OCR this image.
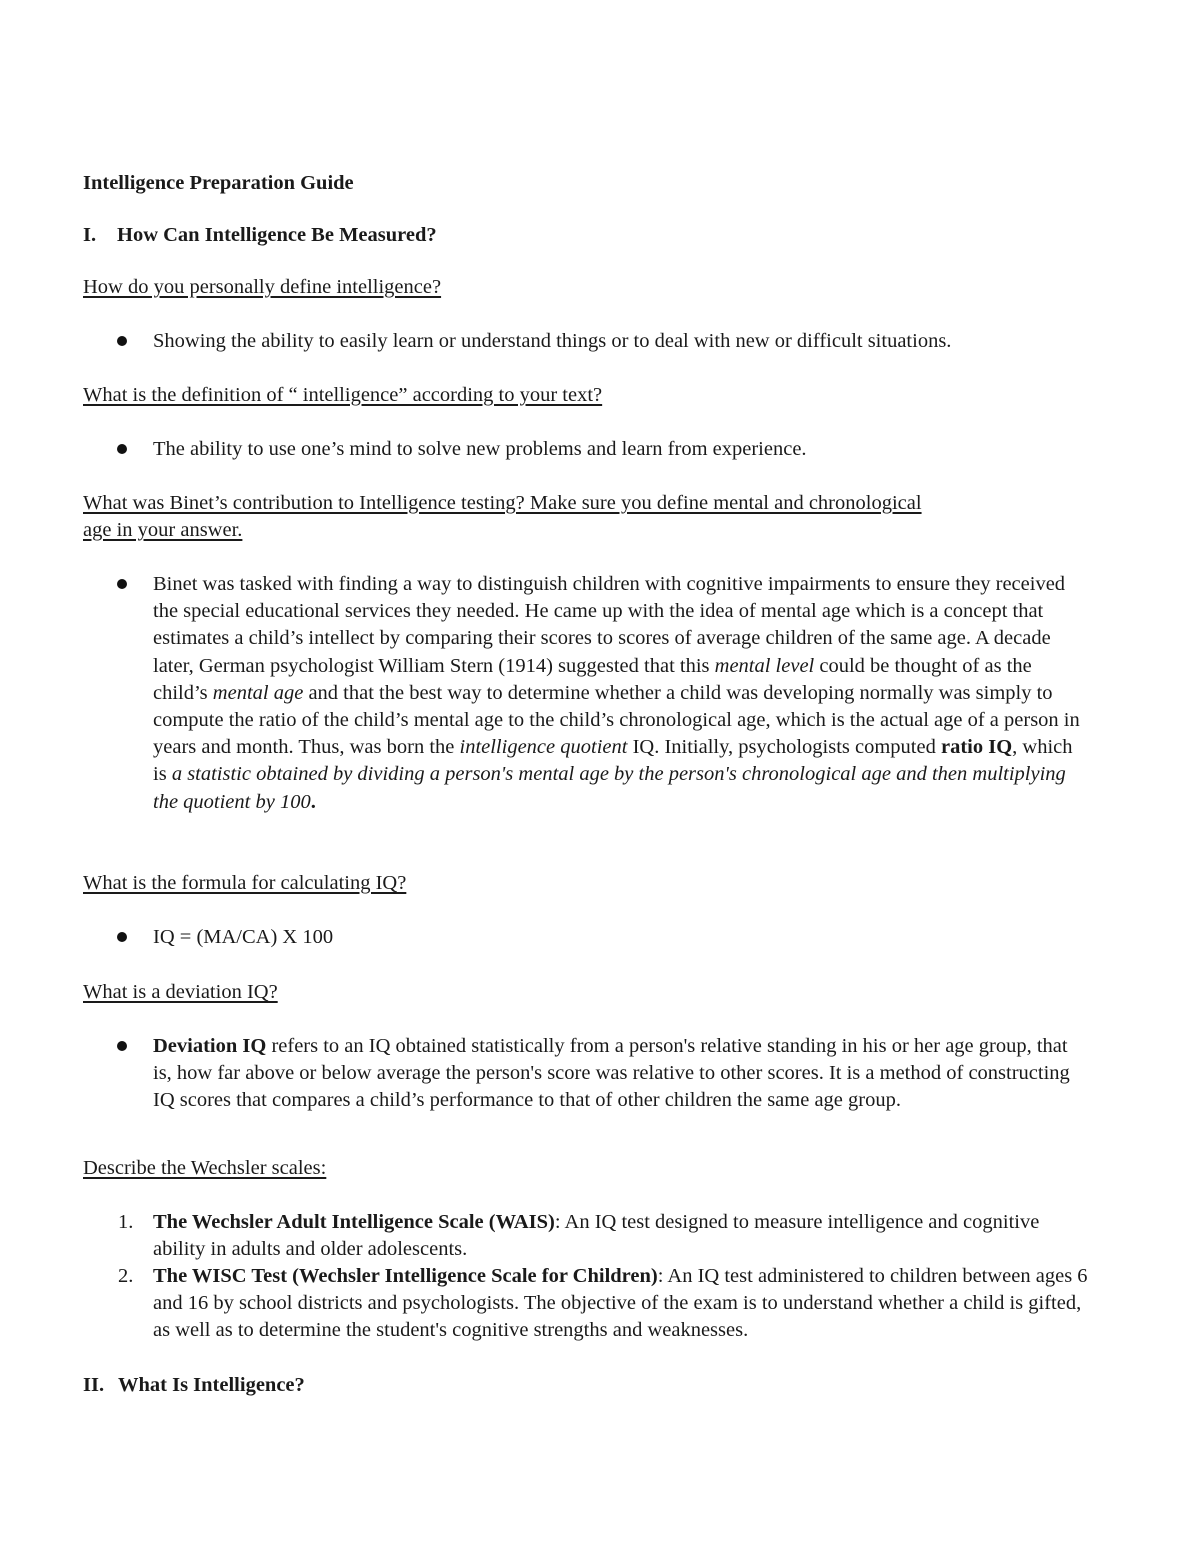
Intelligence Preparation Guide

I. How Can Intelligence Be Measured?

How do you personally define intelligence?

Showing the ability to easily learn or understand things or to deal with new or difficult situations.

What is the definition of “ intelligence” according to your text?

The ability to use one’s mind to solve new problems and learn from experience.

What was Binet’s contribution to Intelligence testing? Make sure you define mental and chronological

age in your answer.

Binet was tasked with finding a way to distinguish children with cognitive impairments to ensure they received the special educational services they needed. He came up with the idea of mental age which is a concept that estimates a child’s intellect by comparing their scores to scores of average children of the same age. A decade later, German psychologist William Stern (1914) suggested that this mental level could be thought of as the child’s mental age and that the best way to determine whether a child was developing normally was simply to compute the ratio of the child’s mental age to the child’s chronological age, which is the actual age of a person in years and month. Thus, was born the intelligence quotient IQ. Initially, psychologists computed ratio IQ, which is a statistic obtained by dividing a person's mental age by the person's chronological age and then multiplying the quotient by 100.

What is the formula for calculating IQ?

IQ = (MA/CA) X 100

What is a deviation IQ?

Deviation IQ refers to an IQ obtained statistically from a person's relative standing in his or her age group, that is, how far above or below average the person's score was relative to other scores. It is a method of constructing IQ scores that compares a child’s performance to that of other children the same age group.

Describe the Wechsler scales:

1. The Wechsler Adult Intelligence Scale (WAIS): An IQ test designed to measure intelligence and cognitive ability in adults and older adolescents.

2. The WISC Test (Wechsler Intelligence Scale for Children): An IQ test administered to children between ages 6 and 16 by school districts and psychologists. The objective of the exam is to understand whether a child is gifted, as well as to determine the student's cognitive strengths and weaknesses.

II. What Is Intelligence?
